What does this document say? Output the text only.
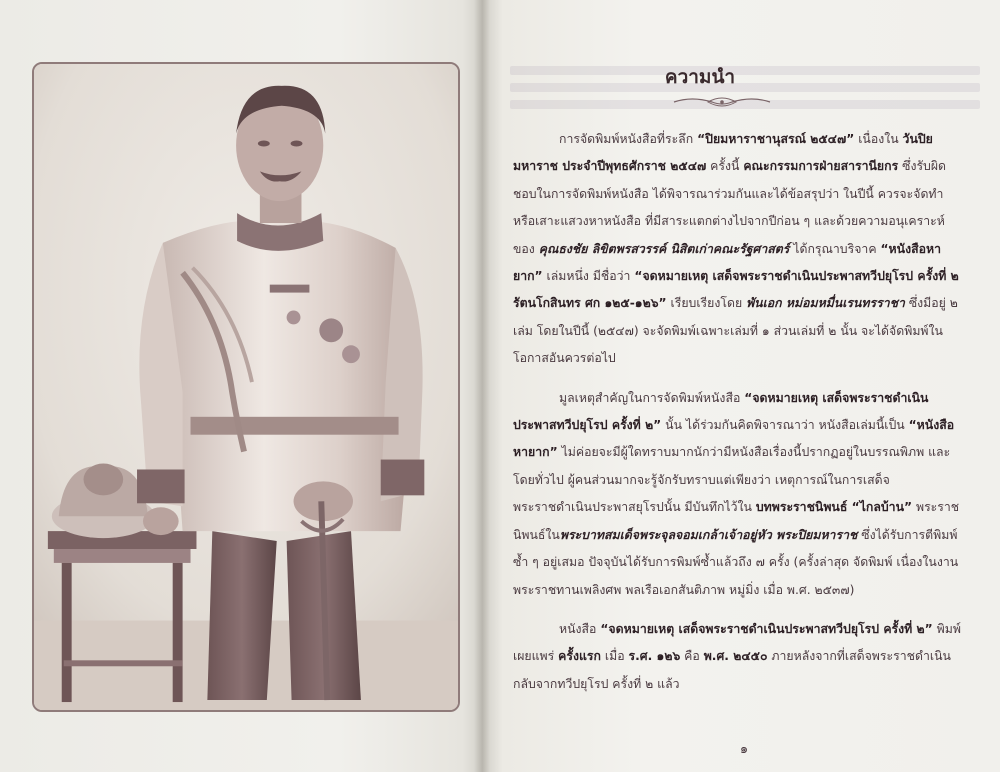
ความนำ

การจัดพิมพ์หนังสือที่ระลึก “ปิยมหาราชานุสรณ์ ๒๕๔๗” เนื่องใน วันปิยมหาราช ประจำปีพุทธศักราช ๒๕๔๗ ครั้งนี้ คณะกรรมการฝ่ายสารานียกร ซึ่งรับผิดชอบในการจัดพิมพ์หนังสือ ได้พิจารณาร่วมกันและได้ข้อสรุปว่า ในปีนี้ ควรจะจัดทำหรือเสาะแสวงหาหนังสือ ที่มีสาระแตกต่างไปจากปีก่อน ๆ และด้วยความอนุเคราะห์ของ คุณธงชัย ลิขิตพรสวรรค์ นิสิตเก่าคณะรัฐศาสตร์ ได้กรุณาบริจาค “หนังสือหายาก” เล่มหนึ่ง มีชื่อว่า “จดหมายเหตุ เสด็จพระราชดำเนินประพาสทวีปยุโรป ครั้งที่ ๒ รัตนโกสินทร ศก ๑๒๕-๑๒๖” เรียบเรียงโดย พันเอก หม่อมหมื่นเรนทรราชา ซึ่งมีอยู่ ๒ เล่ม โดยในปีนี้ (๒๕๔๗) จะจัดพิมพ์เฉพาะเล่มที่ ๑ ส่วนเล่มที่ ๒ นั้น จะได้จัดพิมพ์ในโอกาสอันควรต่อไป

มูลเหตุสำคัญในการจัดพิมพ์หนังสือ “จดหมายเหตุ เสด็จพระราชดำเนินประพาสทวีปยุโรป ครั้งที่ ๒” นั้น ได้ร่วมกันคิดพิจารณาว่า หนังสือเล่มนี้เป็น “หนังสือหายาก” ไม่ค่อยจะมีผู้ใดทราบมากนักว่ามีหนังสือเรื่องนี้ปรากฏอยู่ในบรรณพิภพ และโดยทั่วไป ผู้คนส่วนมากจะรู้จักรับทราบแต่เพียงว่า เหตุการณ์ในการเสด็จพระราชดำเนินประพาสยุโรปนั้น มีบันทึกไว้ใน บทพระราชนิพนธ์ “ไกลบ้าน” พระราชนิพนธ์ในพระบาทสมเด็จพระจุลจอมเกล้าเจ้าอยู่หัว พระปิยมหาราช ซึ่งได้รับการตีพิมพ์ซ้ำ ๆ อยู่เสมอ ปัจจุบันได้รับการพิมพ์ซ้ำแล้วถึง ๗ ครั้ง (ครั้งล่าสุด จัดพิมพ์ เนื่องในงานพระราชทานเพลิงศพ พลเรือเอกสันติภาพ หมู่มิ่ง เมื่อ พ.ศ. ๒๕๓๗)

หนังสือ “จดหมายเหตุ เสด็จพระราชดำเนินประพาสทวีปยุโรป ครั้งที่ ๒” พิมพ์เผยแพร่ ครั้งแรก เมื่อ ร.ศ. ๑๒๖ คือ พ.ศ. ๒๔๕๐ ภายหลังจากที่เสด็จพระราชดำเนินกลับจากทวีปยุโรป ครั้งที่ ๒ แล้ว

๑
